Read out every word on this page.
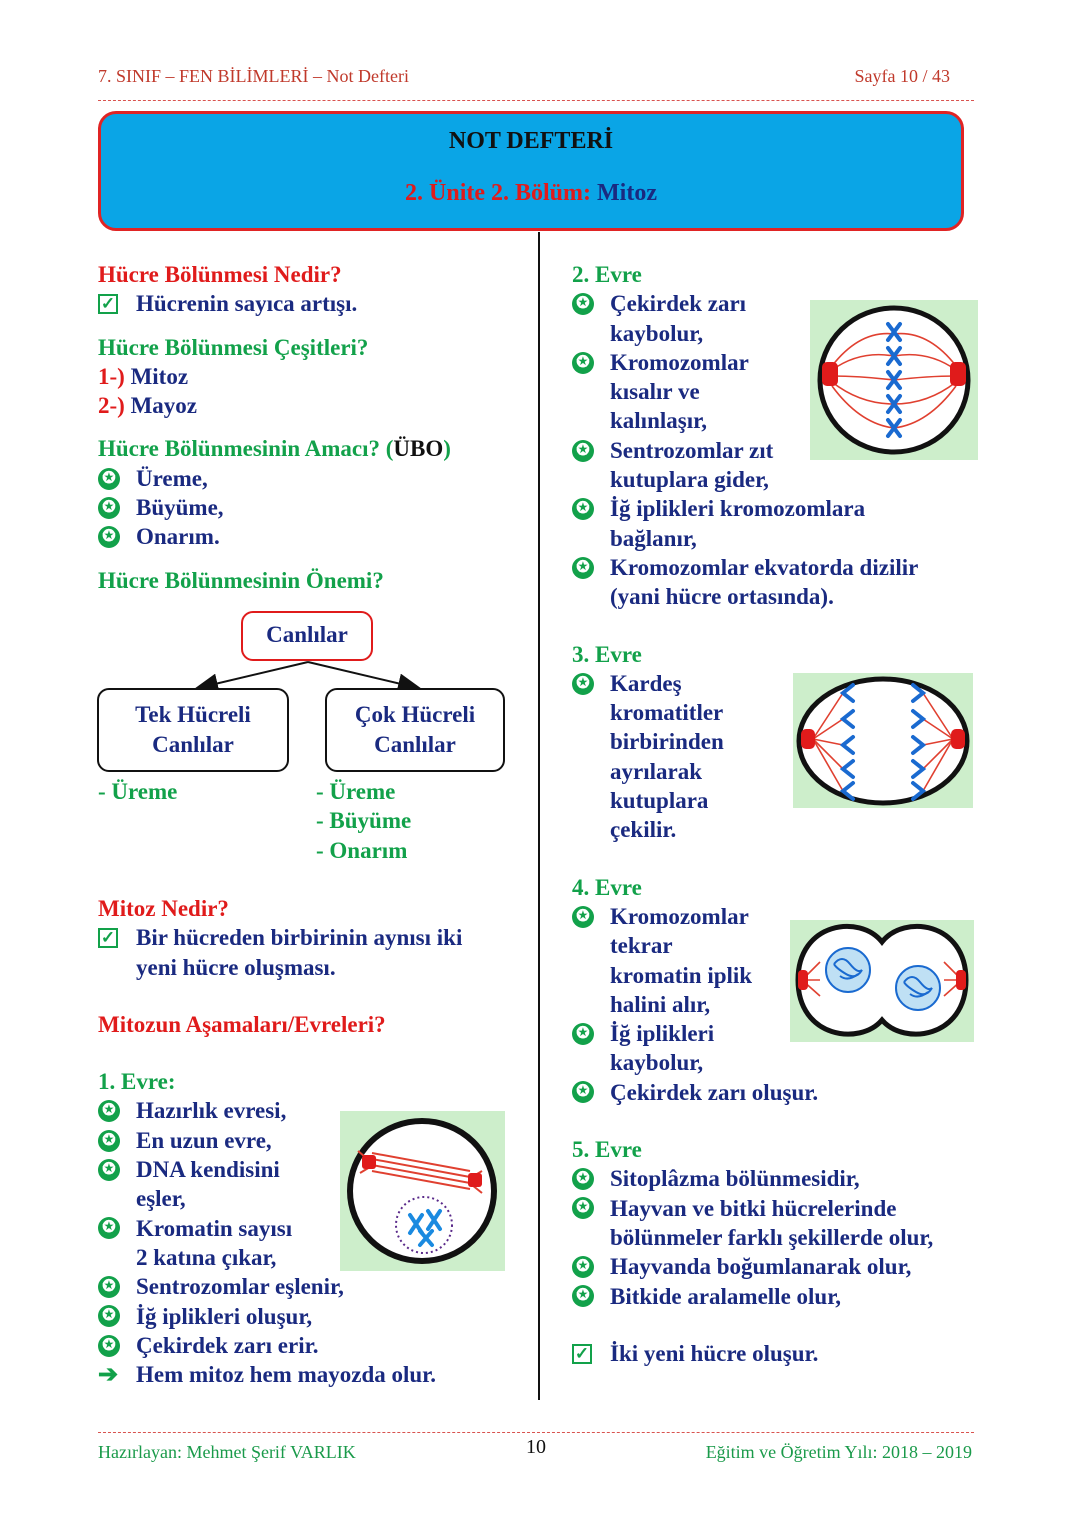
7. SINIF – FEN BİLİMLERİ – Not Defteri	Sayfa 10 / 43
NOT DEFTERİ
2. Ünite 2. Bölüm: Mitoz
Hücre Bölünmesi Nedir?
✓ Hücrenin sayıca artışı.
Hücre Bölünmesi Çeşitleri?
1-) Mitoz
2-) Mayoz
Hücre Bölünmesinin Amacı? (ÜBO)
✪ Üreme,
✪ Büyüme,
✪ Onarım.
Hücre Bölünmesinin Önemi?
Canlılar
Tek Hücreli
Canlılar
Çok Hücreli
Canlılar
- Üreme	- Üreme
- Büyüme
- Onarım
Mitoz Nedir?
✓ Bir hücreden birbirinin aynısı iki
yeni hücre oluşması.
Mitozun Aşamaları/Evreleri?
1. Evre:
✪ Hazırlık evresi,
✪ En uzun evre,
✪ DNA kendisini
eşler,
✪ Kromatin sayısı
2 katına çıkar,
✪ Sentrozomlar eşlenir,
✪ İğ iplikleri oluşur,
✪ Çekirdek zarı erir.
➔ Hem mitoz hem mayozda olur.
2. Evre
✪ Çekirdek zarı
kaybolur,
✪ Kromozomlar
kısalır ve
kalınlaşır,
✪ Sentrozomlar zıt
kutuplara gider,
✪ İğ iplikleri kromozomlara
bağlanır,
✪ Kromozomlar ekvatorda dizilir
(yani hücre ortasında).
3. Evre
✪ Kardeş
kromatitler
birbirinden
ayrılarak
kutuplara
çekilir.
4. Evre
✪ Kromozomlar
tekrar
kromatin iplik
halini alır,
✪ İğ iplikleri
kaybolur,
✪ Çekirdek zarı oluşur.
5. Evre
✪ Sitoplâzma bölünmesidir,
✪ Hayvan ve bitki hücrelerinde
bölünmeler farklı şekillerde olur,
✪ Hayvanda boğumlanarak olur,
✪ Bitkide aralamelle olur,
✓ İki yeni hücre oluşur.
Hazırlayan: Mehmet Şerif VARLIK	10	Eğitim ve Öğretim Yılı: 2018 – 2019
